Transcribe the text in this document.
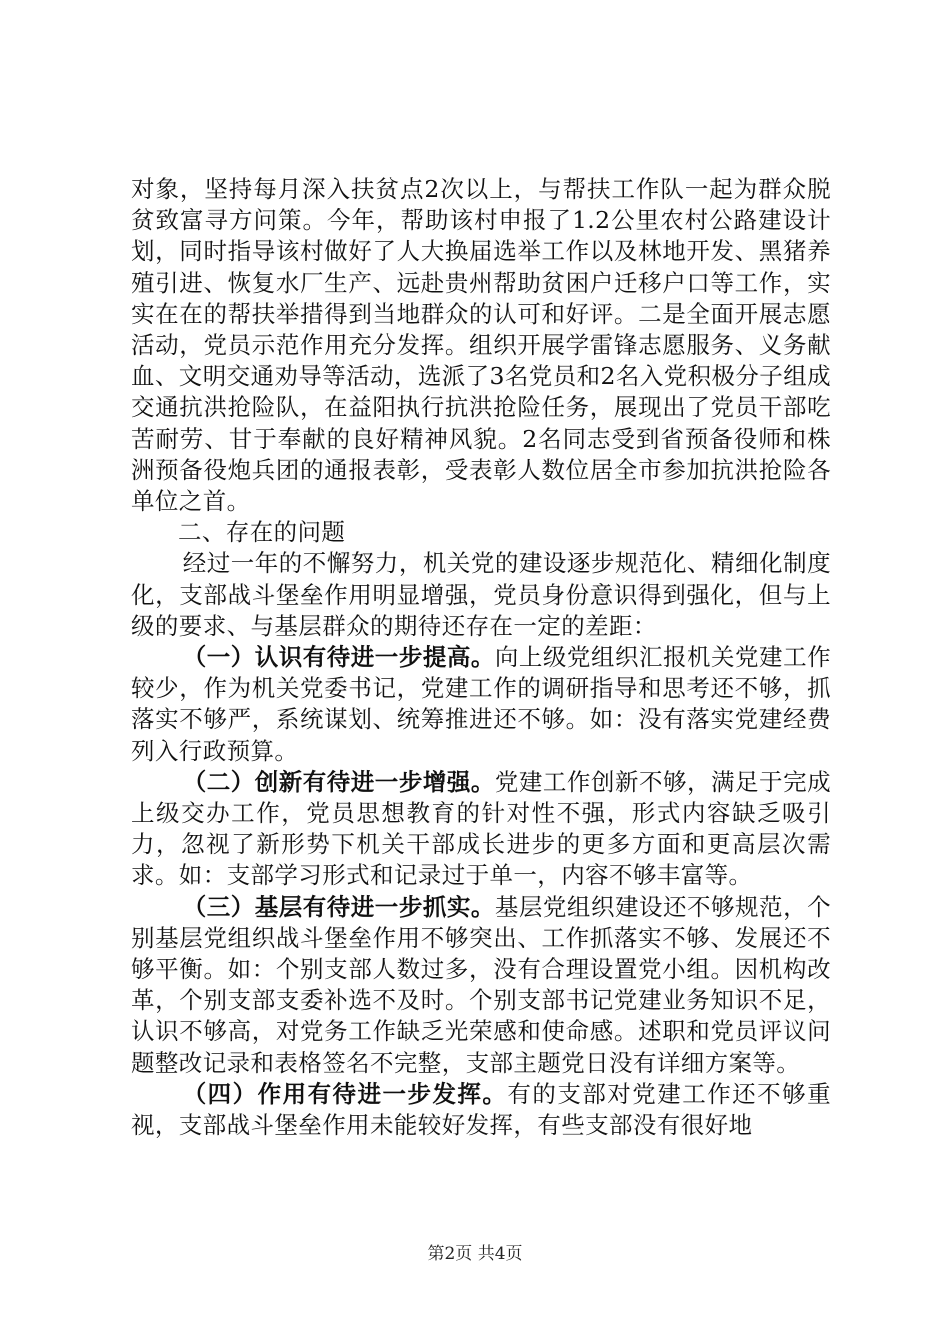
对象，坚持每月深入扶贫点2次以上，与帮扶工作队一起为群众脱贫致富寻方问策。今年，帮助该村申报了1.2公里农村公路建设计划，同时指导该村做好了人大换届选举工作以及林地开发、黑猪养殖引进、恢复水厂生产、远赴贵州帮助贫困户迁移户口等工作，实实在在的帮扶举措得到当地群众的认可和好评。二是全面开展志愿活动，党员示范作用充分发挥。组织开展学雷锋志愿服务、义务献血、文明交通劝导等活动，选派了3名党员和2名入党积极分子组成交通抗洪抢险队，在益阳执行抗洪抢险任务，展现出了党员干部吃苦耐劳、甘于奉献的良好精神风貌。2名同志受到省预备役师和株洲预备役炮兵团的通报表彰，受表彰人数位居全市参加抗洪抢险各单位之首。

二、存在的问题

经过一年的不懈努力，机关党的建设逐步规范化、精细化制度化，支部战斗堡垒作用明显增强，党员身份意识得到强化，但与上级的要求、与基层群众的期待还存在一定的差距：

（一）认识有待进一步提高。向上级党组织汇报机关党建工作较少，作为机关党委书记，党建工作的调研指导和思考还不够，抓落实不够严，系统谋划、统筹推进还不够。如：没有落实党建经费列入行政预算。

（二）创新有待进一步增强。党建工作创新不够，满足于完成上级交办工作，党员思想教育的针对性不强，形式内容缺乏吸引力，忽视了新形势下机关干部成长进步的更多方面和更高层次需求。如：支部学习形式和记录过于单一，内容不够丰富等。

（三）基层有待进一步抓实。基层党组织建设还不够规范，个别基层党组织战斗堡垒作用不够突出、工作抓落实不够、发展还不够平衡。如：个别支部人数过多，没有合理设置党小组。因机构改革，个别支部支委补选不及时。个别支部书记党建业务知识不足，认识不够高，对党务工作缺乏光荣感和使命感。述职和党员评议问题整改记录和表格签名不完整，支部主题党日没有详细方案等。

（四）作用有待进一步发挥。有的支部对党建工作还不够重视，支部战斗堡垒作用未能较好发挥，有些支部没有很好地

第2页 共4页
